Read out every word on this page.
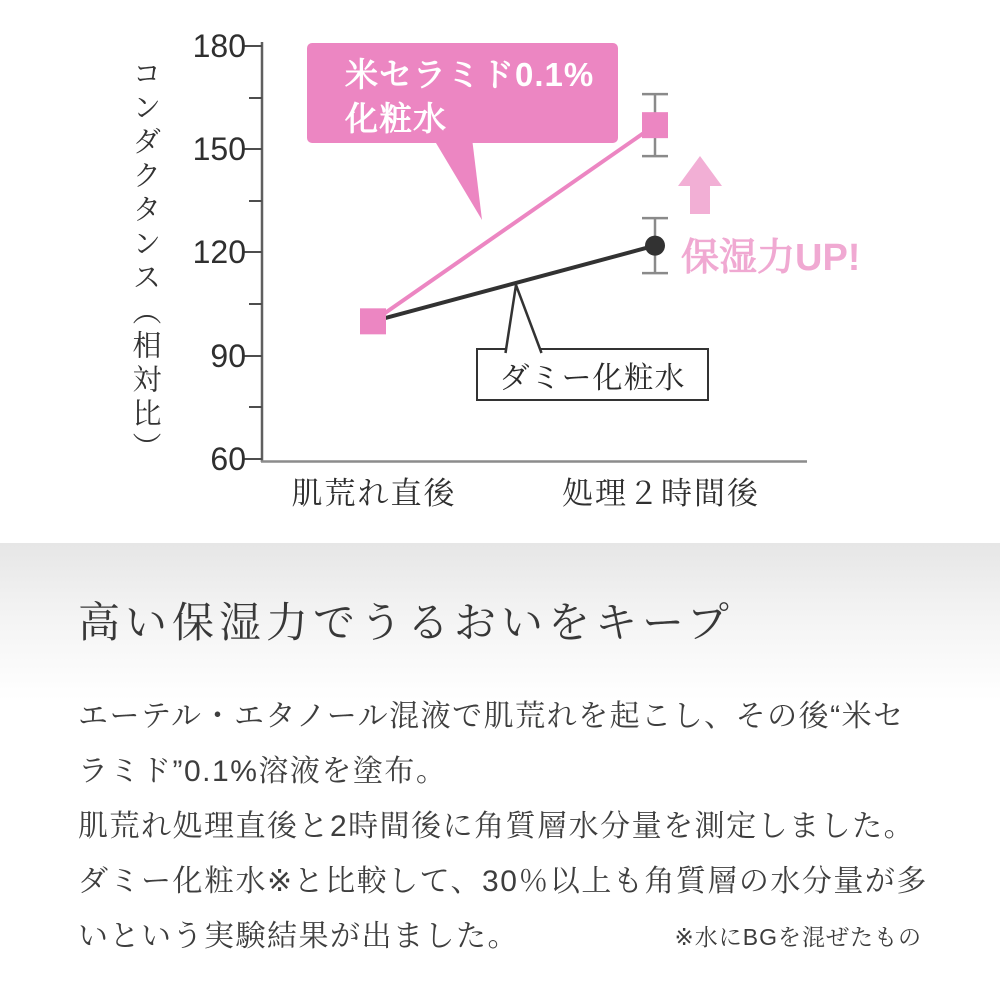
180
150
120
90
60
コンダクタンス（相対比）
肌荒れ直後	処理２時間後
米セラミド0.1%
化粧水
ダミー化粧水
保湿力UP!
高い保湿力でうるおいをキープ
エーテル・エタノール混液で肌荒れを起こし、その後“米セ
ラミド”0.1%溶液を塗布。
肌荒れ処理直後と2時間後に角質層水分量を測定しました。
ダミー化粧水※と比較して、30％以上も角質層の水分量が多
いという実験結果が出ました。	※水にBGを混ぜたもの
